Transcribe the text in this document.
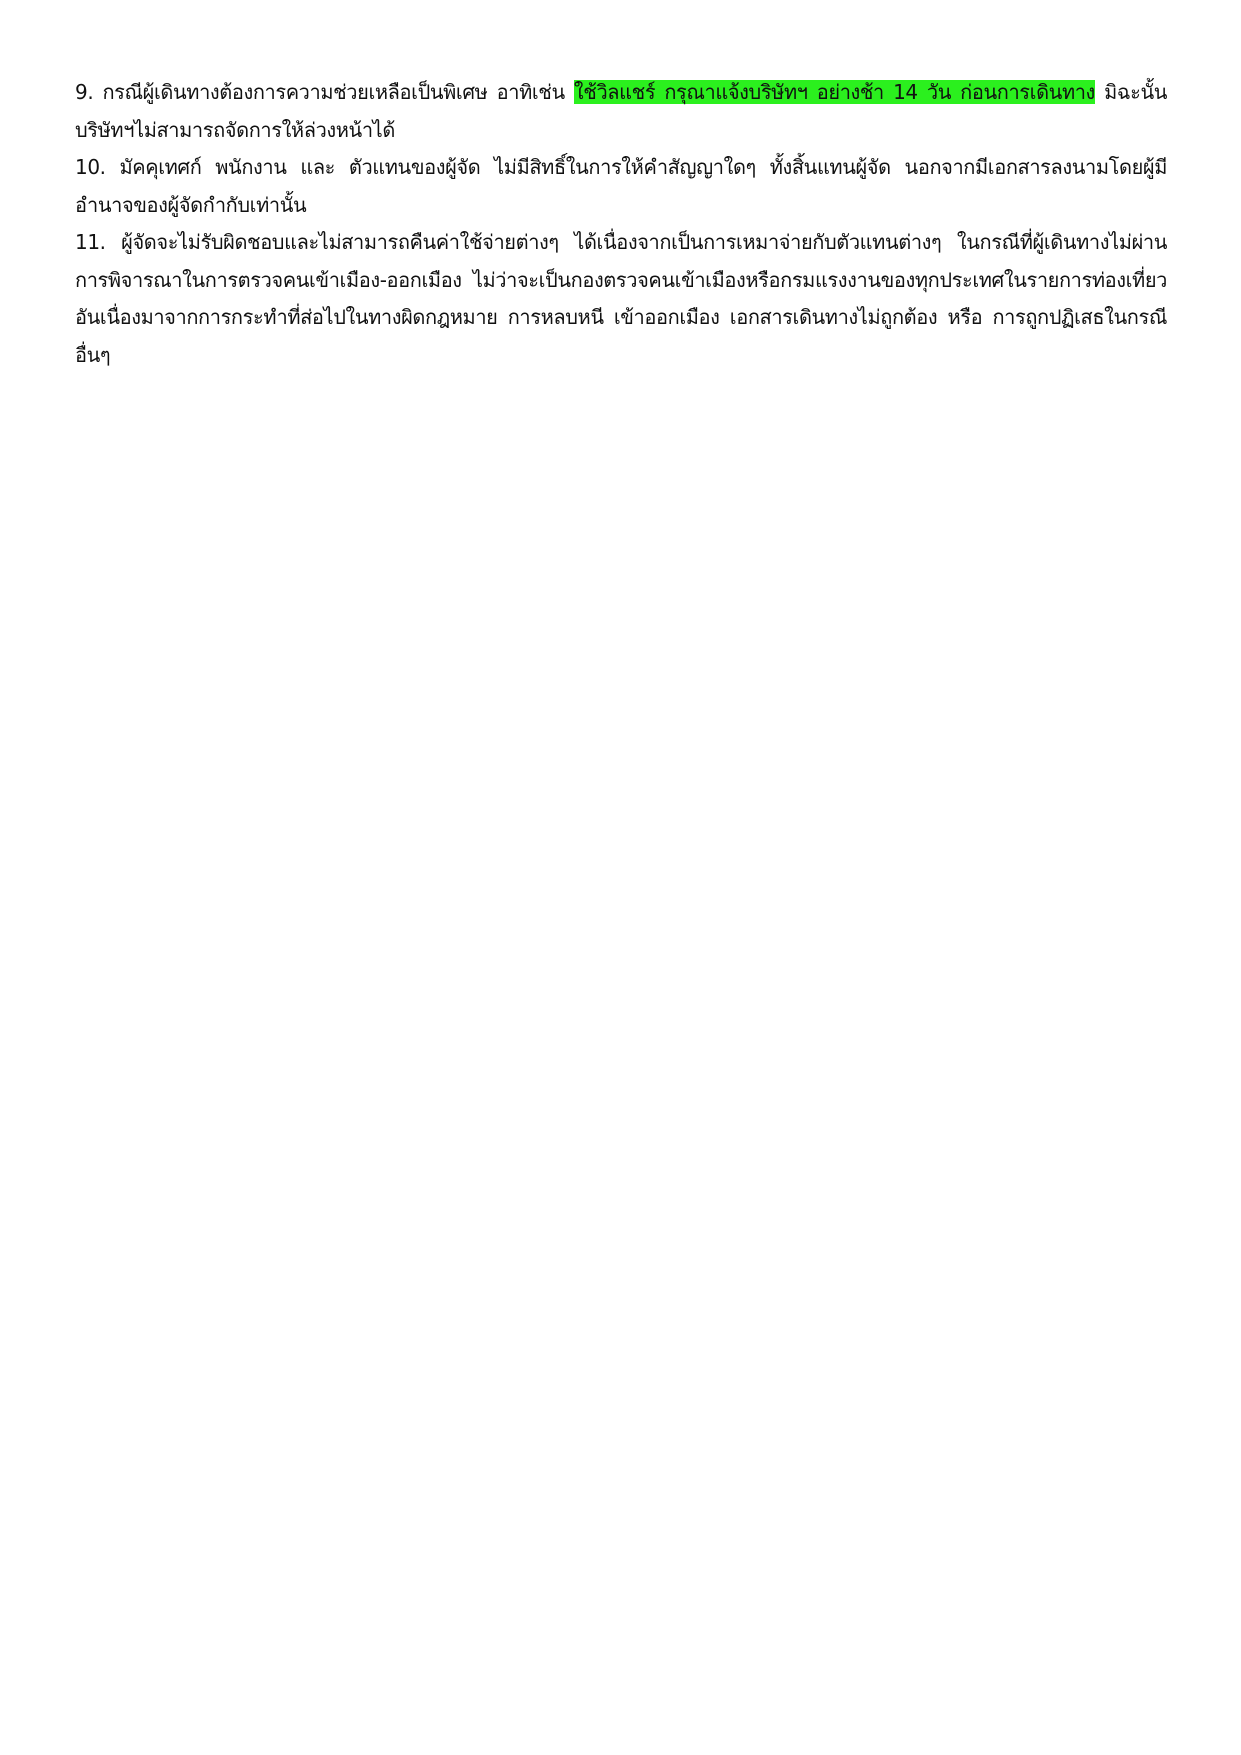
9. กรณีผู้เดินทางต้องการความช่วยเหลือเป็นพิเศษ อาทิเช่น ใช้วิลแชร์ กรุณาแจ้งบริษัทฯ อย่างช้า 14 วัน ก่อนการเดินทาง มิฉะนั้น บริษัทฯไม่สามารถจัดการให้ล่วงหน้าได้

10. มัคคุเทศก์ พนักงาน และ ตัวแทนของผู้จัด ไม่มีสิทธิ์ในการให้คำสัญญาใดๆ ทั้งสิ้นแทนผู้จัด นอกจากมีเอกสารลงนามโดยผู้มีอำนาจของผู้จัดกำกับเท่านั้น

11. ผู้จัดจะไม่รับผิดชอบและไม่สามารถคืนค่าใช้จ่ายต่างๆ ได้เนื่องจากเป็นการเหมาจ่ายกับตัวแทนต่างๆ ในกรณีที่ผู้เดินทางไม่ผ่านการพิจารณาในการตรวจคนเข้าเมือง-ออกเมือง ไม่ว่าจะเป็นกองตรวจคนเข้าเมืองหรือกรมแรงงานของทุกประเทศในรายการท่องเที่ยว อันเนื่องมาจากการกระทำที่ส่อไปในทางผิดกฎหมาย การหลบหนี เข้าออกเมือง เอกสารเดินทางไม่ถูกต้อง หรือ การถูกปฏิเสธในกรณีอื่นๆ
